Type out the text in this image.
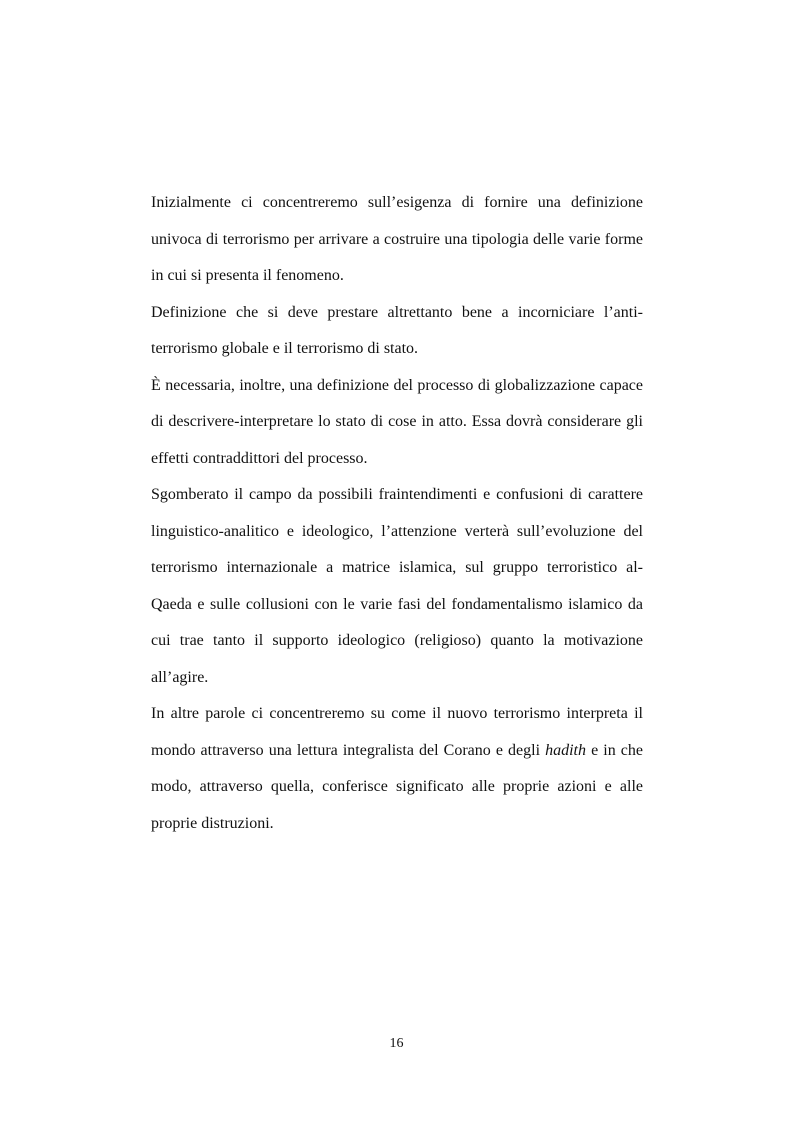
Inizialmente ci concentreremo sull’esigenza di fornire una definizione
univoca di terrorismo per arrivare a costruire una tipologia delle varie forme
in cui si presenta il fenomeno.
Definizione che si deve prestare altrettanto bene a incorniciare l’anti-
terrorismo globale e il terrorismo di stato.
È necessaria, inoltre, una definizione del processo di globalizzazione capace
di descrivere-interpretare lo stato di cose in atto. Essa dovrà considerare gli
effetti contraddittori del processo.
Sgomberato il campo da possibili fraintendimenti e confusioni di carattere
linguistico-analitico e ideologico, l’attenzione verterà sull’evoluzione del
terrorismo internazionale a matrice islamica, sul gruppo terroristico al-
Qaeda e sulle collusioni con le varie fasi del fondamentalismo islamico da
cui trae tanto il supporto ideologico (religioso) quanto la motivazione
all’agire.
In altre parole ci concentreremo su come il nuovo terrorismo interpreta il
mondo attraverso una lettura integralista del Corano e degli hadith e in che
modo, attraverso quella, conferisce significato alle proprie azioni e alle
proprie distruzioni.
16
